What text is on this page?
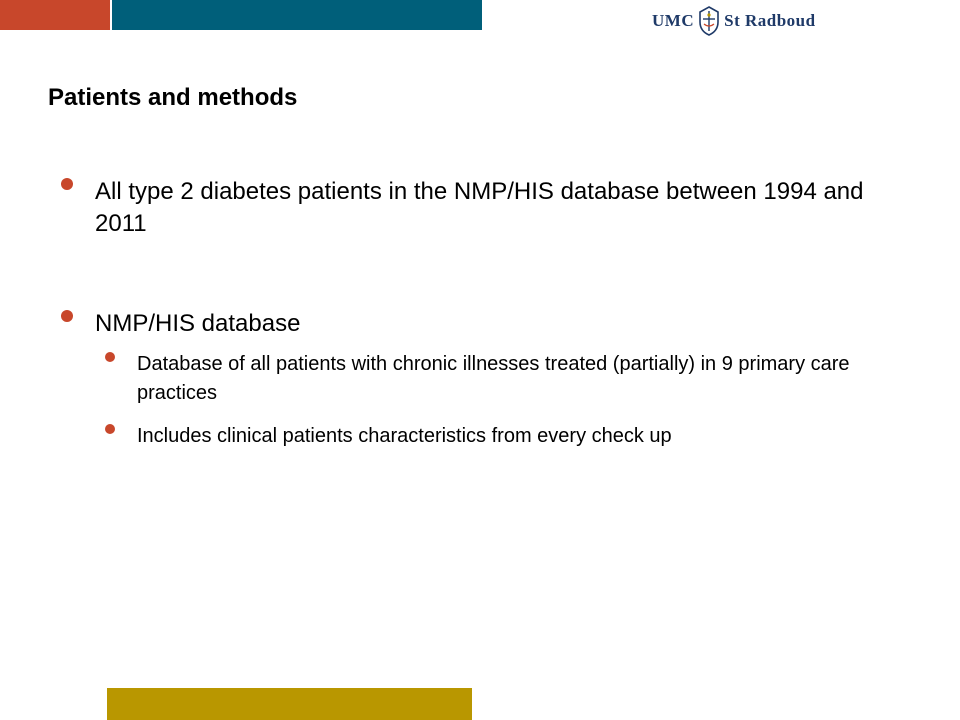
UMC St Radboud
Patients and methods
All type 2 diabetes patients in the NMP/HIS database between 1994 and 2011
NMP/HIS database
Database of all patients with chronic illnesses treated (partially) in 9 primary care practices
Includes clinical patients characteristics from every check up
